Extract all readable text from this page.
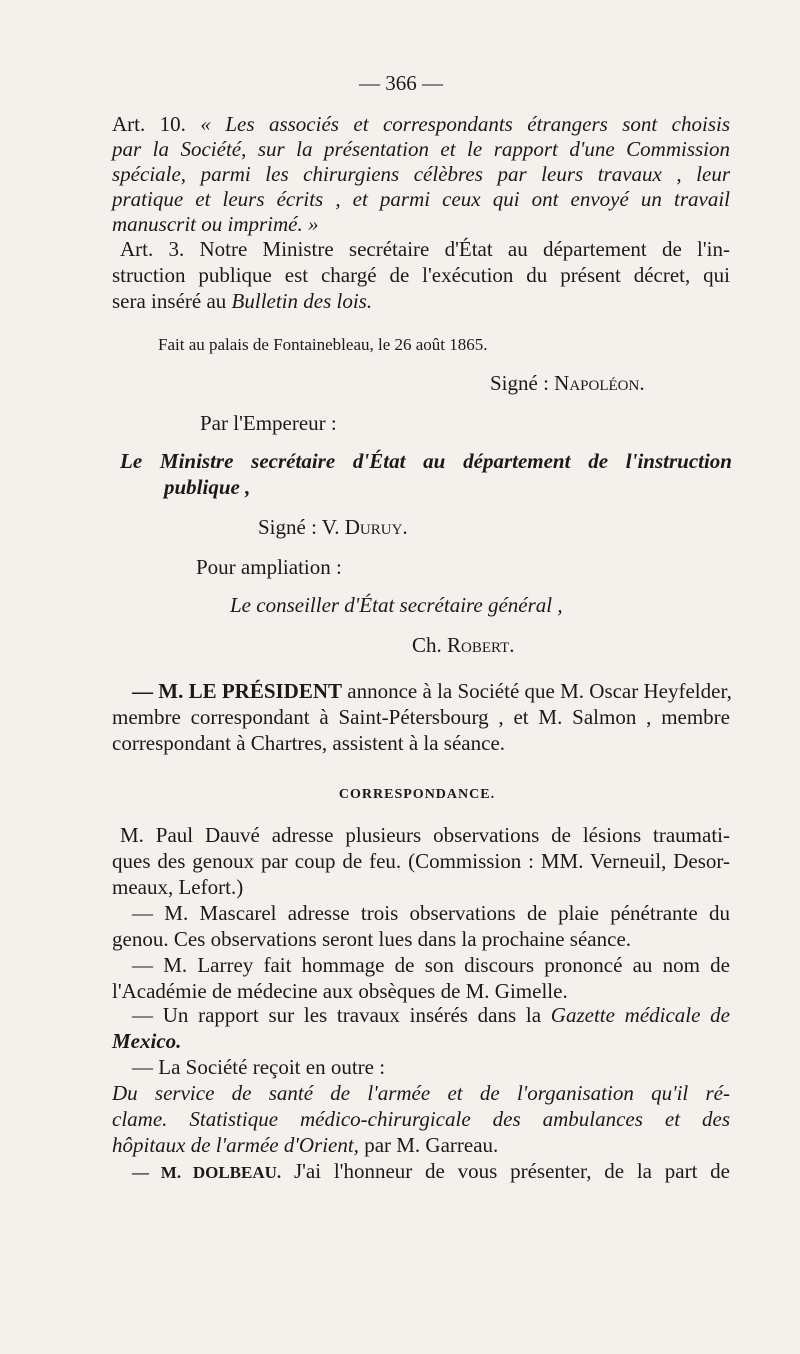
— 366 —
Art. 10. « Les associés et correspondants étrangers sont choisis
par la Société, sur la présentation et le rapport d'une Commission
spéciale, parmi les chirurgiens célèbres par leurs travaux , leur
pratique et leurs écrits , et parmi ceux qui ont envoyé un travail
manuscrit ou imprimé. »
Art. 3. Notre Ministre secrétaire d'État au département de l'in-
struction publique est chargé de l'exécution du présent décret, qui
sera inséré au Bulletin des lois.
Fait au palais de Fontainebleau, le 26 août 1865.
Signé : Napoléon.
Par l'Empereur :
Le Ministre secrétaire d'État au département de l'instruction
publique ,
Signé : V. Duruy.
Pour ampliation :
Le conseiller d'État secrétaire général ,
Ch. Robert.
— M. LE PRÉSIDENT annonce à la Société que M. Oscar Heyfelder,
membre correspondant à Saint-Pétersbourg , et M. Salmon , membre
correspondant à Chartres, assistent à la séance.
CORRESPONDANCE.
M. Paul Dauvé adresse plusieurs observations de lésions traumati-
ques des genoux par coup de feu. (Commission : MM. Verneuil, Desor-
meaux, Lefort.)
— M. Mascarel adresse trois observations de plaie pénétrante du
genou. Ces observations seront lues dans la prochaine séance.
— M. Larrey fait hommage de son discours prononcé au nom de
l'Académie de médecine aux obsèques de M. Gimelle.
— Un rapport sur les travaux insérés dans la Gazette médicale de
Mexico.
— La Société reçoit en outre :
Du service de santé de l'armée et de l'organisation qu'il ré-
clame. Statistique médico-chirurgicale des ambulances et des
hôpitaux de l'armée d'Orient, par M. Garreau.
— M. DOLBEAU. J'ai l'honneur de vous présenter, de la part de
